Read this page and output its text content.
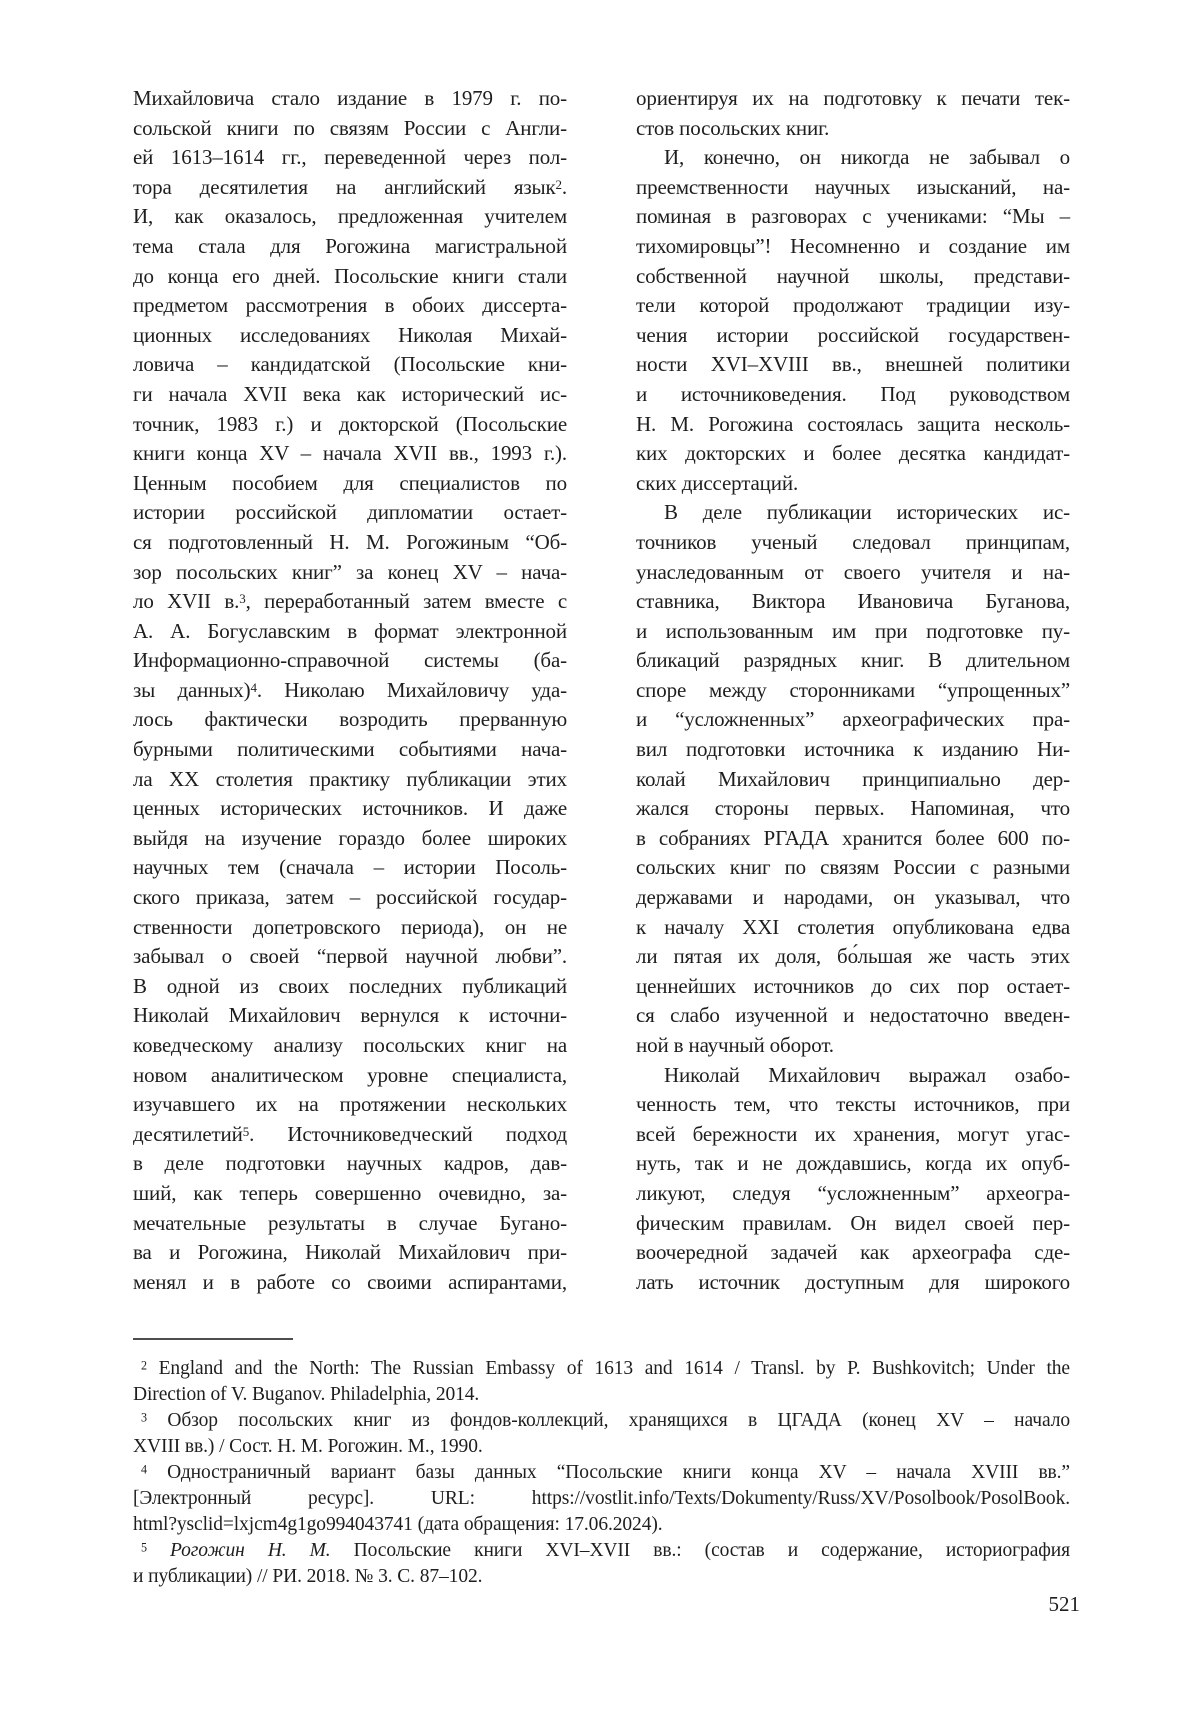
Михайловича стало издание в 1979 г. по-
сольской книги по связям России с Англи-
ей 1613–1614 гг., переведенной через пол-
тора десятилетия на английский язык$^2$.
И, как оказалось, предложенная учителем
тема стала для Рогожина магистральной
до конца его дней. Посольские книги стали
предметом рассмотрения в обоих диссерта-
ционных исследованиях Николая Михай-
ловича – кандидатской (Посольские кни-
ги начала XVII века как исторический ис-
точник, 1983 г.) и докторской (Посольские
книги конца XV – начала XVII вв., 1993 г.).
Ценным пособием для специалистов по
истории российской дипломатии остает-
ся подготовленный Н. М. Рогожиным “Об-
зор посольских книг” за конец XV – нача-
ло XVII в.$^3$, переработанный затем вместе с
А. А. Богуславским в формат электронной
Информационно-справочной системы (ба-
зы данных)$^4$. Николаю Михайловичу уда-
лось фактически возродить прерванную
бурными политическими событиями нача-
ла XX столетия практику публикации этих
ценных исторических источников. И даже
выйдя на изучение гораздо более широких
научных тем (сначала – истории Посоль-
ского приказа, затем – российской государ-
ственности допетровского периода), он не
забывал о своей “первой научной любви”.
В одной из своих последних публикаций
Николай Михайлович вернулся к источни-
коведческому анализу посольских книг на
новом аналитическом уровне специалиста,
изучавшего их на протяжении нескольких
десятилетий$^5$. Источниковедческий подход
в деле подготовки научных кадров, дав-
ший, как теперь совершенно очевидно, за-
мечательные результаты в случае Бугано-
ва и Рогожина, Николай Михайлович при-
менял и в работе со своими аспирантами,
ориентируя их на подготовку к печати тек-
стов посольских книг.
И, конечно, он никогда не забывал о
преемственности научных изысканий, на-
поминая в разговорах с учениками: “Мы –
тихомировцы”! Несомненно и создание им
собственной научной школы, представи-
тели которой продолжают традиции изу-
чения истории российской государствен-
ности XVI–XVIII вв., внешней политики
и источниковедения. Под руководством
Н. М. Рогожина состоялась защита несколь-
ких докторских и более десятка кандидат-
ских диссертаций.
В деле публикации исторических ис-
точников ученый следовал принципам,
унаследованным от своего учителя и на-
ставника, Виктора Ивановича Буганова,
и использованным им при подготовке пу-
бликаций разрядных книг. В длительном
споре между сторонниками “упрощенных”
и “усложненных” археографических пра-
вил подготовки источника к изданию Ни-
колай Михайлович принципиально дер-
жался стороны первых. Напоминая, что
в собраниях РГАДА хранится более 600 по-
сольских книг по связям России с разными
державами и народами, он указывал, что
к началу XXI столетия опубликована едва
ли пятая их доля, бо́льшая же часть этих
ценнейших источников до сих пор остает-
ся слабо изученной и недостаточно введен-
ной в научный оборот.
Николай Михайлович выражал озабо-
ченность тем, что тексты источников, при
всей бережности их хранения, могут угас-
нуть, так и не дождавшись, когда их опуб-
ликуют, следуя “усложненным” археогра-
фическим правилам. Он видел своей пер-
воочередной задачей как археографа сде-
лать источник доступным для широкого
$^2$ England and the North: The Russian Embassy of 1613 and 1614 / Transl. by P. Bushkovitch; Under the
Direction of V. Buganov. Philadelphia, 2014.
$^3$ Обзор посольских книг из фондов-коллекций, хранящихся в ЦГАДА (конец XV – начало
XVIII вв.) / Сост. Н. М. Рогожин. М., 1990.
$^4$ Одностраничный вариант базы данных “Посольские книги конца XV – начала XVIII вв.”
[Электронный ресурс]. URL: https://vostlit.info/Texts/Dokumenty/Russ/XV/Posolbook/PosolBook.
html?ysclid=lxjcm4g1go994043741 (дата обращения: 17.06.2024).
$^5$ Рогожин Н. М. Посольские книги XVI–XVII вв.: (состав и содержание, историография
и публикации) // РИ. 2018. № 3. С. 87–102.
521
